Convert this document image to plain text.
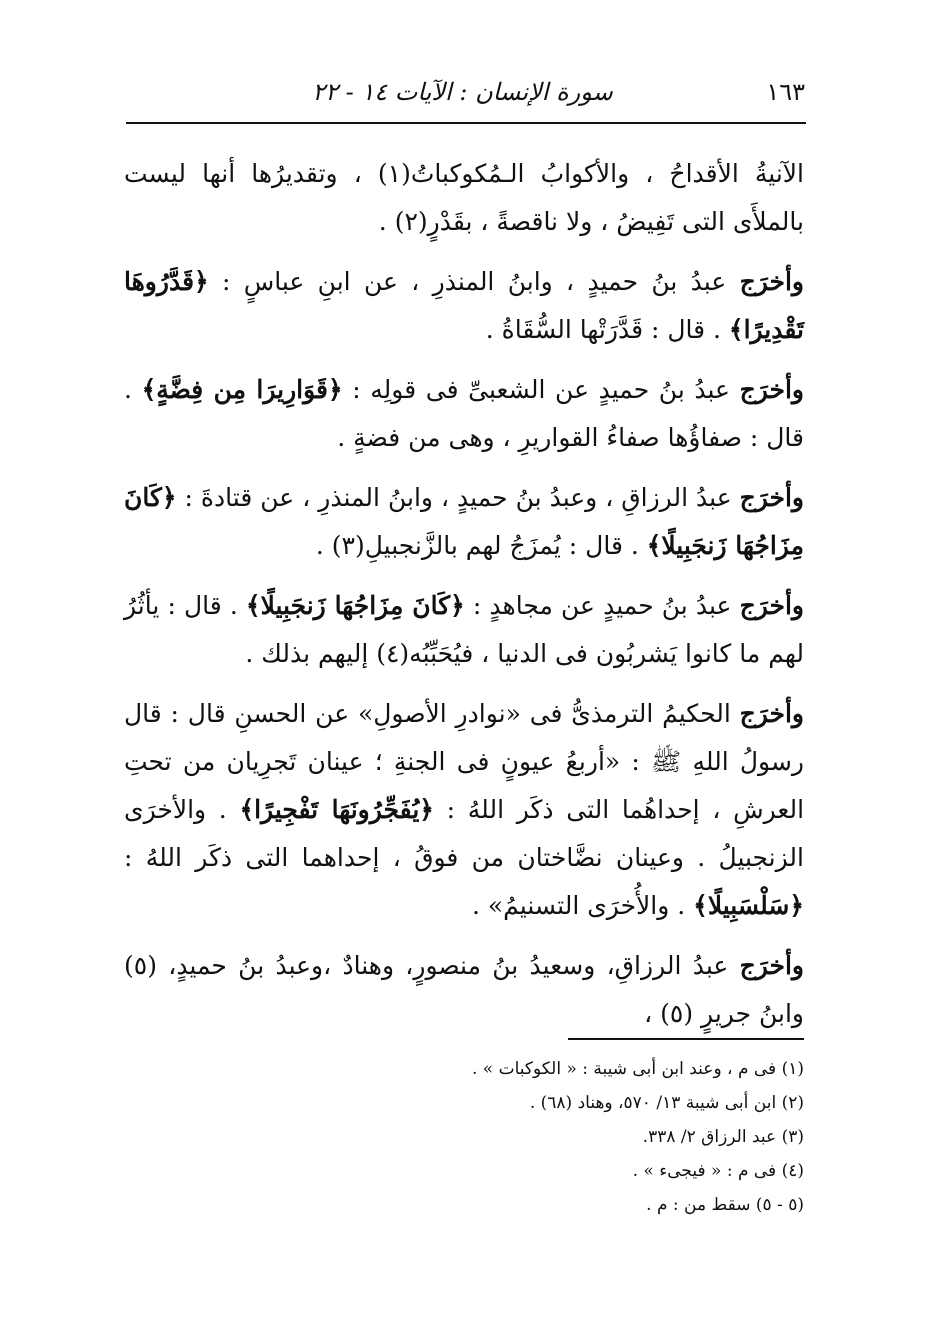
١٦٣
سورة الإنسان : الآيات ١٤ - ٢٢

الآنيةُ الأقداحُ ، والأكوابُ الـمُكوكباتُ(١) ، وتقديرُها أنها ليست بالملأَى التى تَفِيضُ ، ولا ناقصةً ، بقَدْرٍ(٢) .

وأخرَج عبدُ بنُ حميدٍ ، وابنُ المنذرِ ، عن ابنِ عباسٍ : ﴿قَدَّرُوهَا تَقْدِيرًا﴾ . قال : قَدَّرَتْها السُّقَاةُ .

وأخرَج عبدُ بنُ حميدٍ عن الشعبىِّ فى قولِه : ﴿قَوَارِيرَا مِن فِضَّةٍ﴾ . قال : صفاؤُها صفاءُ القواريرِ ، وهى من فضةٍ .

وأخرَج عبدُ الرزاقِ ، وعبدُ بنُ حميدٍ ، وابنُ المنذرِ ، عن قتادةَ : ﴿كَانَ مِزَاجُهَا زَنجَبِيلًا﴾ . قال : يُمزَجُ لهم بالزَّنجبيلِ(٣) .

وأخرَج عبدُ بنُ حميدٍ عن مجاهدٍ : ﴿كَانَ مِزَاجُهَا زَنجَبِيلًا﴾ . قال : يأثُرُ لهم ما كانوا يَشربُون فى الدنيا ، فيُحَبِّبُه(٤) إليهم بذلك .

وأخرَج الحكيمُ الترمذىُّ فى «نوادرِ الأصولِ» عن الحسنِ قال : قال رسولُ اللهِ ﷺ : «أربعُ عيونٍ فى الجنةِ ؛ عينان تَجرِيان من تحتِ العرشِ ، إحداهُما التى ذكَر اللهُ : ﴿يُفَجِّرُونَهَا تَفْجِيرًا﴾ . والأخرَى الزنجبيلُ . وعينان نضَّاختان من فوقُ ، إحداهما التى ذكَر اللهُ : ﴿سَلْسَبِيلًا﴾ . والأُخرَى التسنيمُ» .

وأخرَج عبدُ الرزاقِ، وسعيدُ بنُ منصورٍ، وهنادٌ ،وعبدُ بنُ حميدٍ، (٥) وابنُ جريرٍ (٥) ،

(١) فى م ، وعند ابن أبى شيبة : « الكوكبات » .
(٢) ابن أبى شيبة ١٣/ ٥٧٠، وهناد (٦٨) .
(٣) عبد الرزاق ٢/ ٣٣٨.
(٤) فى م : « فيجىء » .
(٥ - ٥) سقط من : م .
